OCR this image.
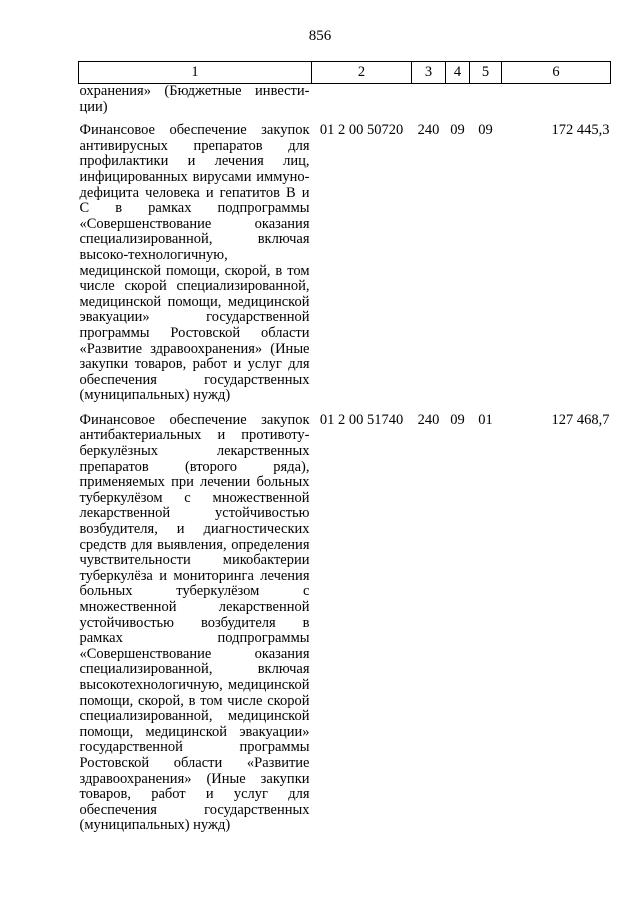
856
1	2	3	4	5	6
охранения» (Бюджетные инвести-ции)					
Финансовое обеспечение закупок антивирусных препаратов для профилактики и лечения лиц, инфицированных вирусами иммуно-дефицита человека и гепатитов В и С в рамках подпрограммы «Совершенствование оказания специализированной, включая высоко-технологичную, медицинской помощи, скорой, в том числе скорой специализированной, медицинской помощи, медицинской эвакуации» государственной программы Ростовской области «Развитие здравоохранения» (Иные закупки товаров, работ и услуг для обеспечения государственных (муниципальных) нужд)	01 2 00 50720	240	09	09	172 445,3
Финансовое обеспечение закупок антибактериальных и противоту-беркулёзных лекарственных препаратов (второго ряда), применяемых при лечении больных туберкулёзом с множественной лекарственной устойчивостью возбудителя, и диагностических средств для выявления, определения чувствительности микобактерии туберкулёза и мониторинга лечения больных туберкулёзом с множественной лекарственной устойчивостью возбудителя в рамках подпрограммы «Совершенствование оказания специализированной, включая высокотехнологичную, медицинской помощи, скорой, в том числе скорой специализированной, медицинской помощи, медицинской эвакуации» государственной программы Ростовской области «Развитие здравоохранения» (Иные закупки товаров, работ и услуг для обеспечения государственных (муниципальных) нужд)	01 2 00 51740	240	09	01	127 468,7
